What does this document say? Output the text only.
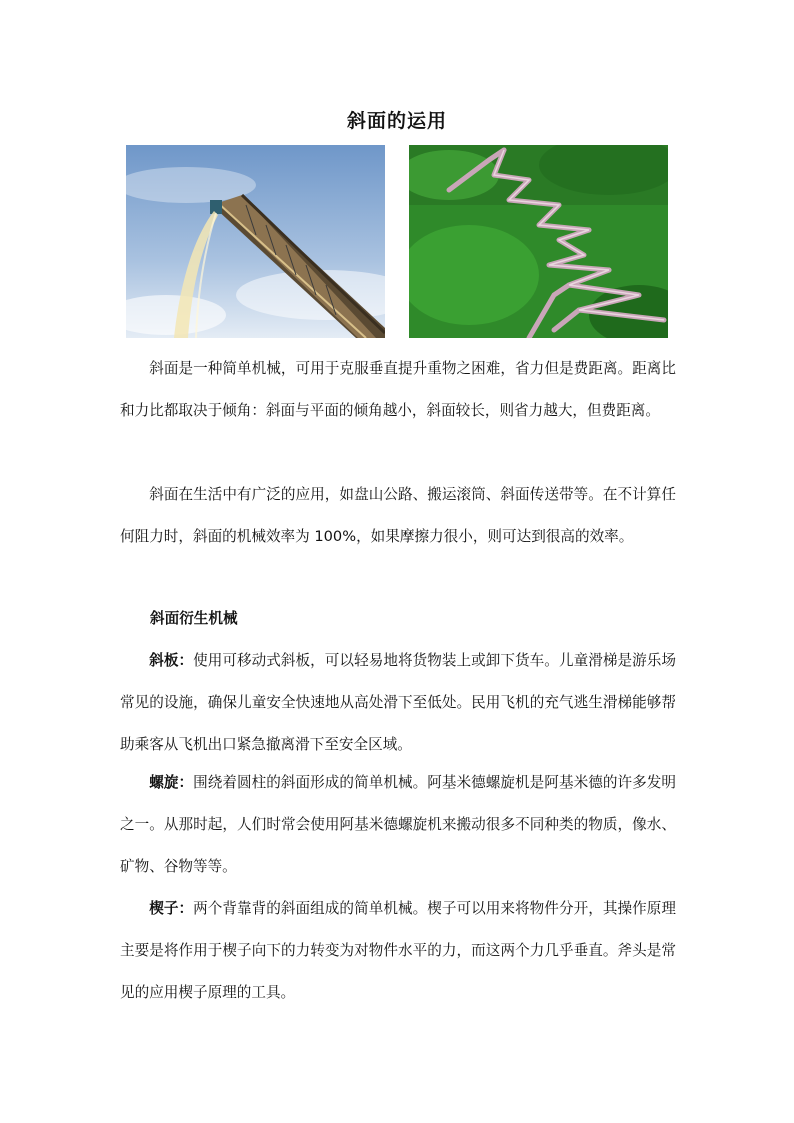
斜面的运用

斜面是一种简单机械，可用于克服垂直提升重物之困难，省力但是费距离。距离比和力比都取决于倾角：斜面与平面的倾角越小，斜面较长，则省力越大，但费距离。

斜面在生活中有广泛的应用，如盘山公路、搬运滚筒、斜面传送带等。在不计算任何阻力时，斜面的机械效率为 100%，如果摩擦力很小，则可达到很高的效率。

斜面衍生机械

斜板：使用可移动式斜板，可以轻易地将货物装上或卸下货车。儿童滑梯是游乐场常见的设施，确保儿童安全快速地从高处滑下至低处。民用飞机的充气逃生滑梯能够帮助乘客从飞机出口紧急撤离滑下至安全区域。

螺旋：围绕着圆柱的斜面形成的简单机械。阿基米德螺旋机是阿基米德的许多发明之一。从那时起，人们时常会使用阿基米德螺旋机来搬动很多不同种类的物质，像水、矿物、谷物等等。

楔子：两个背靠背的斜面组成的简单机械。楔子可以用来将物件分开，其操作原理主要是将作用于楔子向下的力转变为对物件水平的力，而这两个力几乎垂直。斧头是常见的应用楔子原理的工具。
